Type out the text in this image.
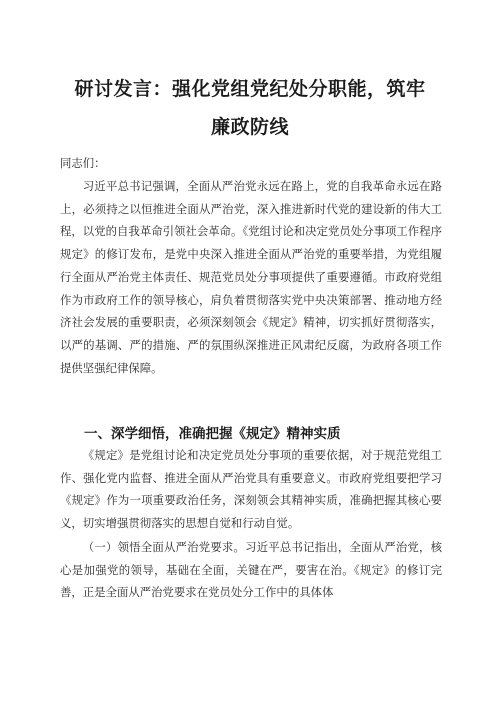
研讨发言：强化党组党纪处分职能，筑牢
廉政防线

同志们：

习近平总书记强调，全面从严治党永远在路上，党的自我革命永远在路上，必须持之以恒推进全面从严治党，深入推进新时代党的建设新的伟大工程，以党的自我革命引领社会革命。《党组讨论和决定党员处分事项工作程序规定》的修订发布，是党中央深入推进全面从严治党的重要举措，为党组履行全面从严治党主体责任、规范党员处分事项提供了重要遵循。市政府党组作为市政府工作的领导核心，肩负着贯彻落实党中央决策部署、推动地方经济社会发展的重要职责，必须深刻领会《规定》精神，切实抓好贯彻落实，以严的基调、严的措施、严的氛围纵深推进正风肃纪反腐，为政府各项工作提供坚强纪律保障。

一、深学细悟，准确把握《规定》精神实质

《规定》是党组讨论和决定党员处分事项的重要依据，对于规范党组工作、强化党内监督、推进全面从严治党具有重要意义。市政府党组要把学习《规定》作为一项重要政治任务，深刻领会其精神实质，准确把握其核心要义，切实增强贯彻落实的思想自觉和行动自觉。

（一）领悟全面从严治党要求。习近平总书记指出，全面从严治党，核心是加强党的领导，基础在全面，关键在严，要害在治。《规定》的修订完善，正是全面从严治党要求在党员处分工作中的具体体
